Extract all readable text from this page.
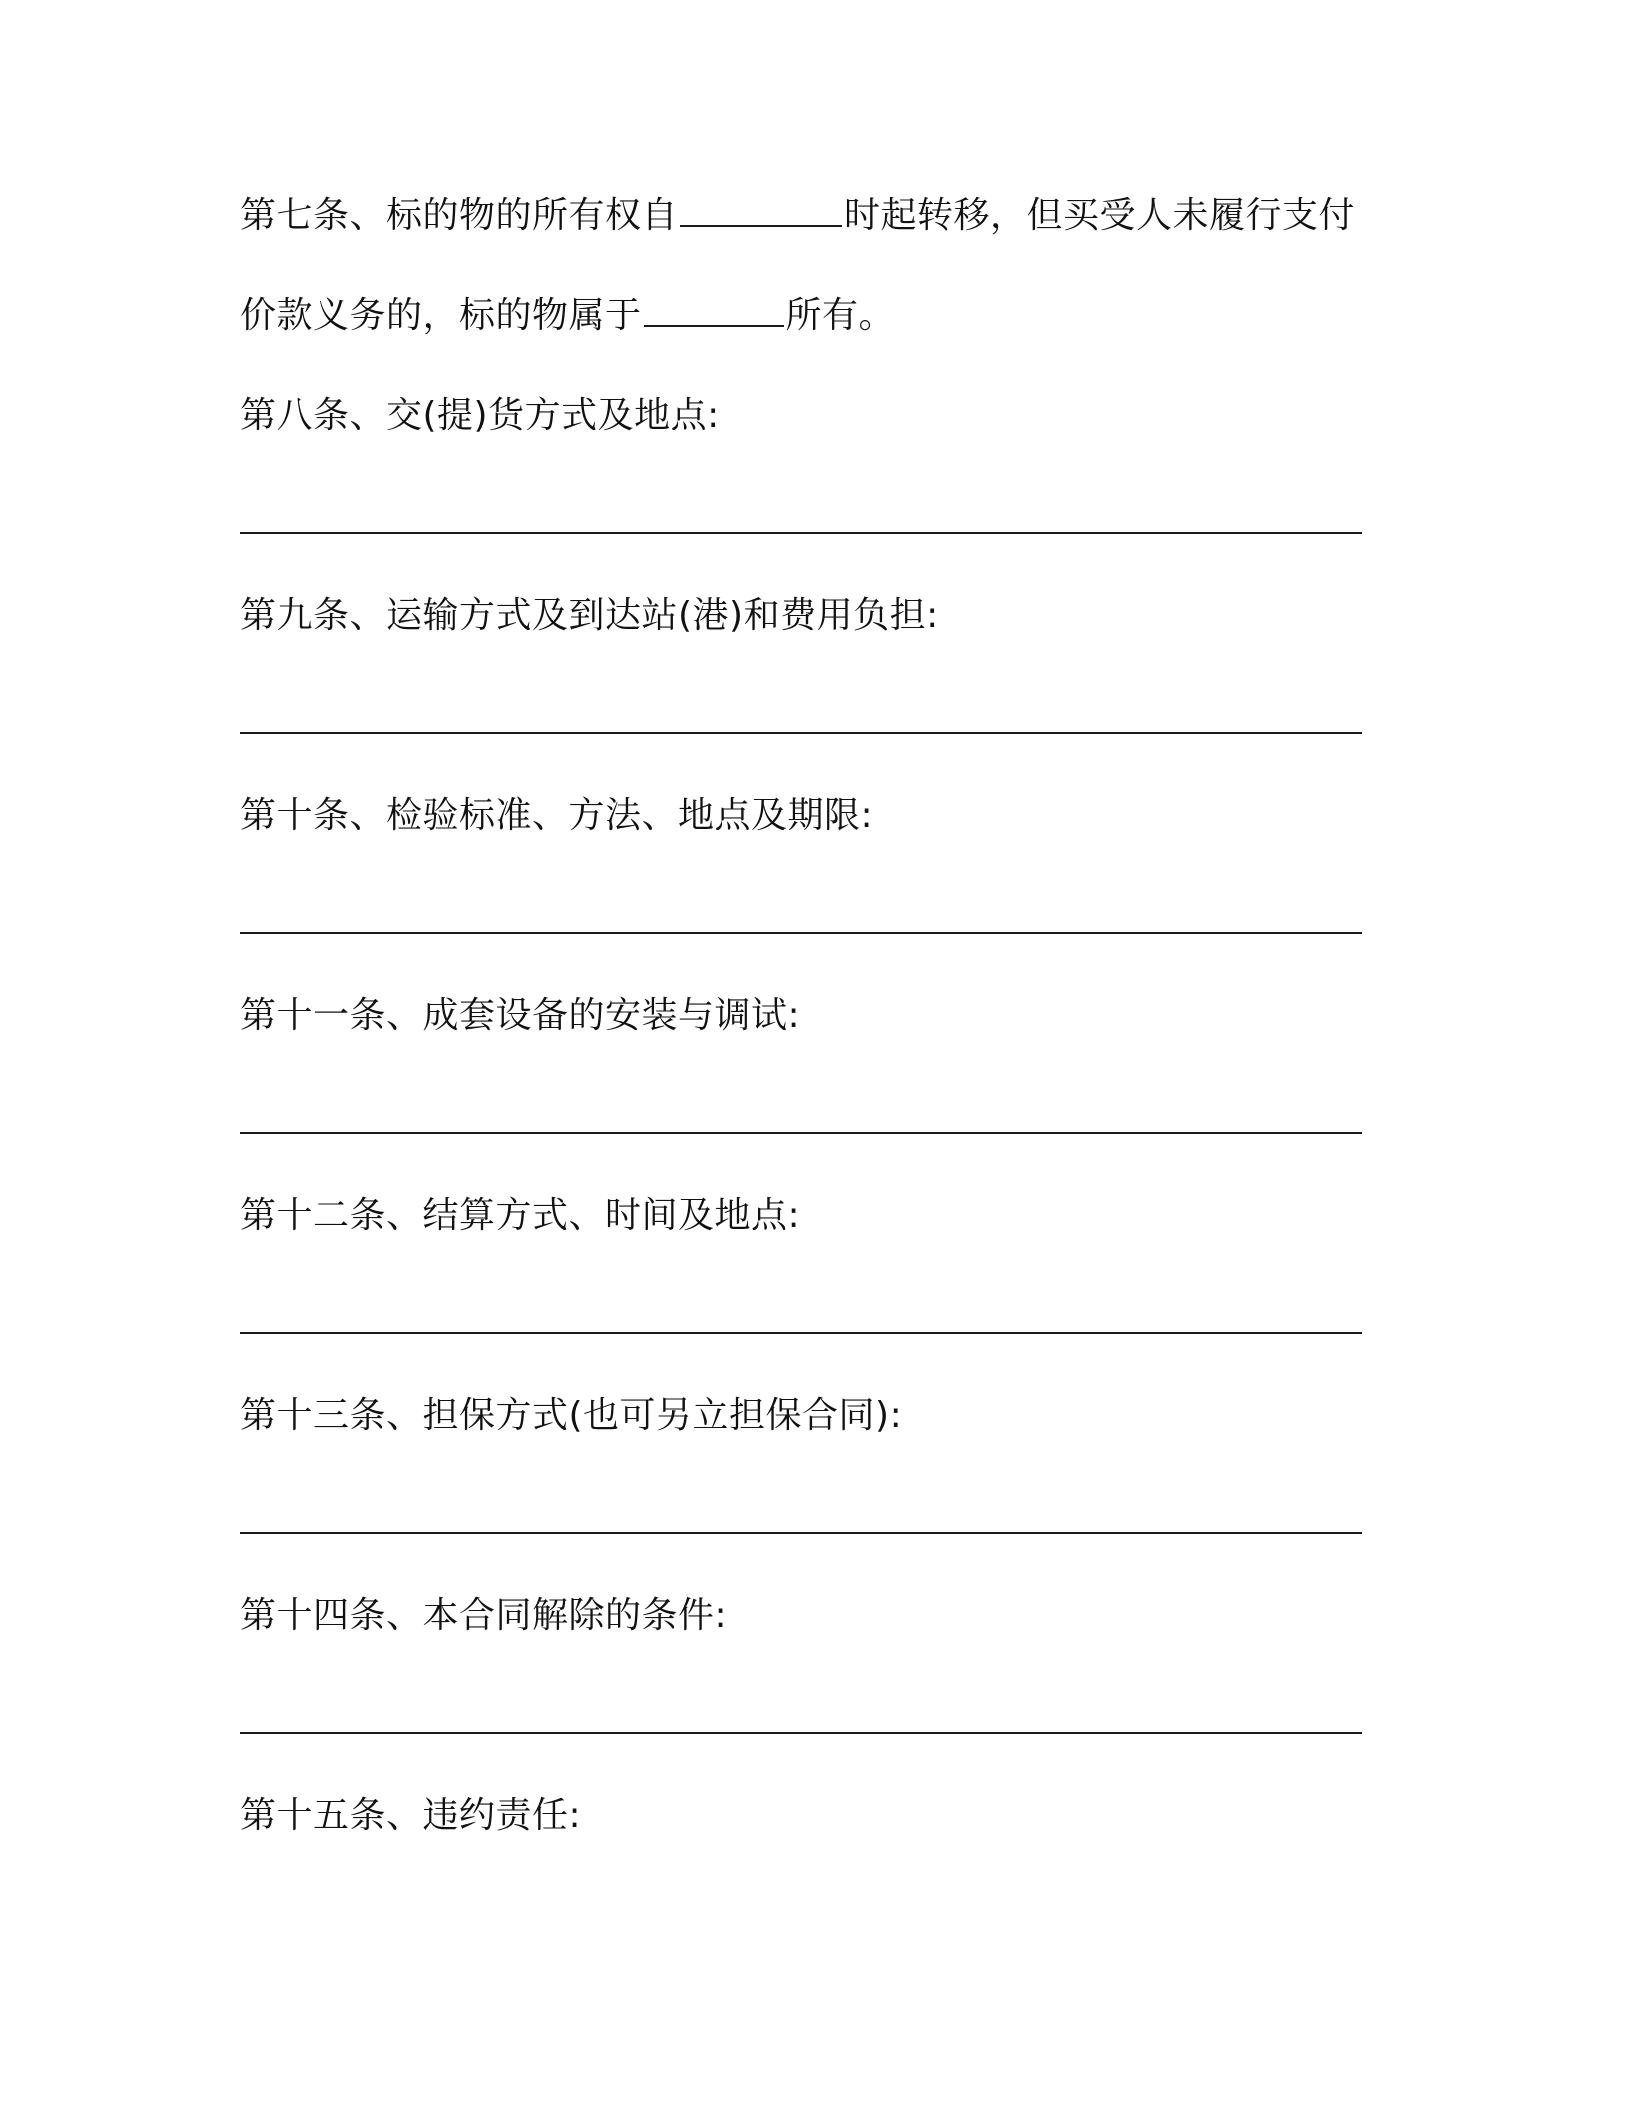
第七条、标的物的所有权自	时起转移，但买受人未履行支付
价款义务的，标的物属于	所有。
第八条、交(提)货方式及地点:
第九条、运输方式及到达站(港)和费用负担:
第十条、检验标准、方法、地点及期限:
第十一条、成套设备的安装与调试:
第十二条、结算方式、时间及地点:
第十三条、担保方式(也可另立担保合同):
第十四条、本合同解除的条件:
第十五条、违约责任:
